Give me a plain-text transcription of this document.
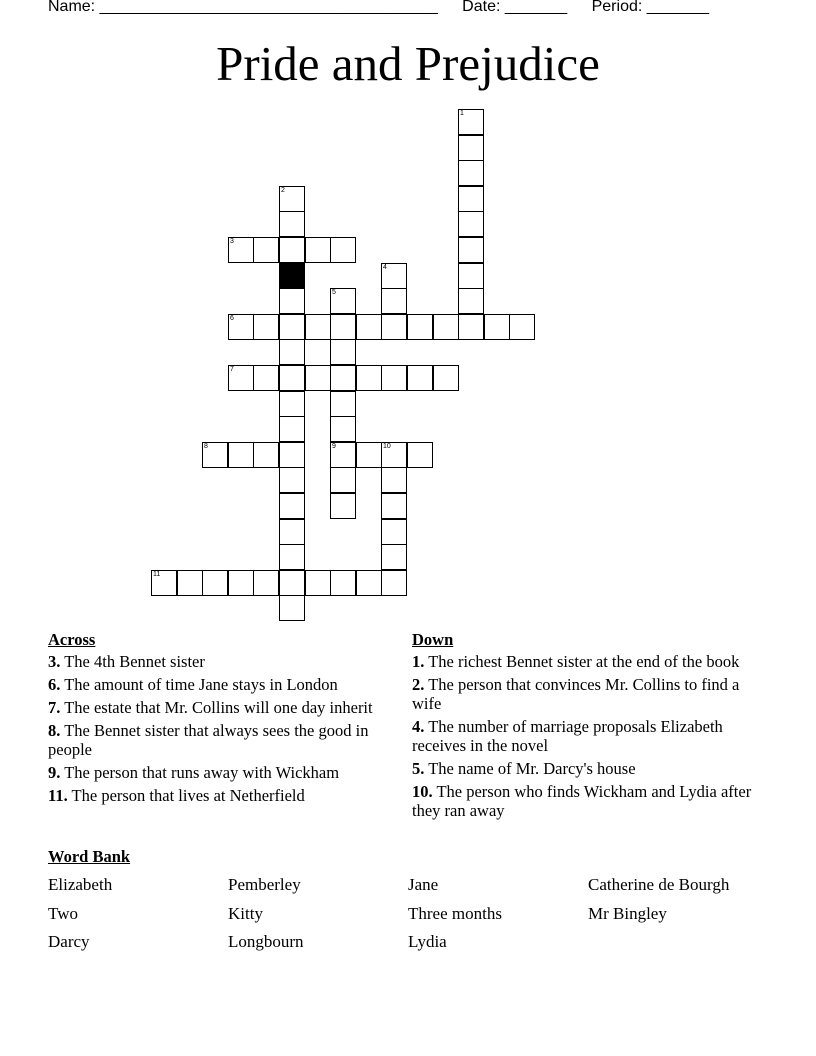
Name: ______________________________________ Date: _______ Period: _______
Pride and Prejudice
1
2
3
4
5
9
6
7
8	10
11
Across
3. The 4th Bennet sister
6. The amount of time Jane stays in London
7. The estate that Mr. Collins will one day inherit
8. The Bennet sister that always sees the good in people
9. The person that runs away with Wickham
11. The person that lives at Netherfield
Down
1. The richest Bennet sister at the end of the book
2. The person that convinces Mr. Collins to find a wife
4. The number of marriage proposals Elizabeth receives in the novel
5. The name of Mr. Darcy's house
10. The person who finds Wickham and Lydia after they ran away
Word Bank
Elizabeth	Pemberley	Jane	Catherine de Bourgh
Two	Kitty	Three months	Mr Bingley
Darcy	Longbourn	Lydia
